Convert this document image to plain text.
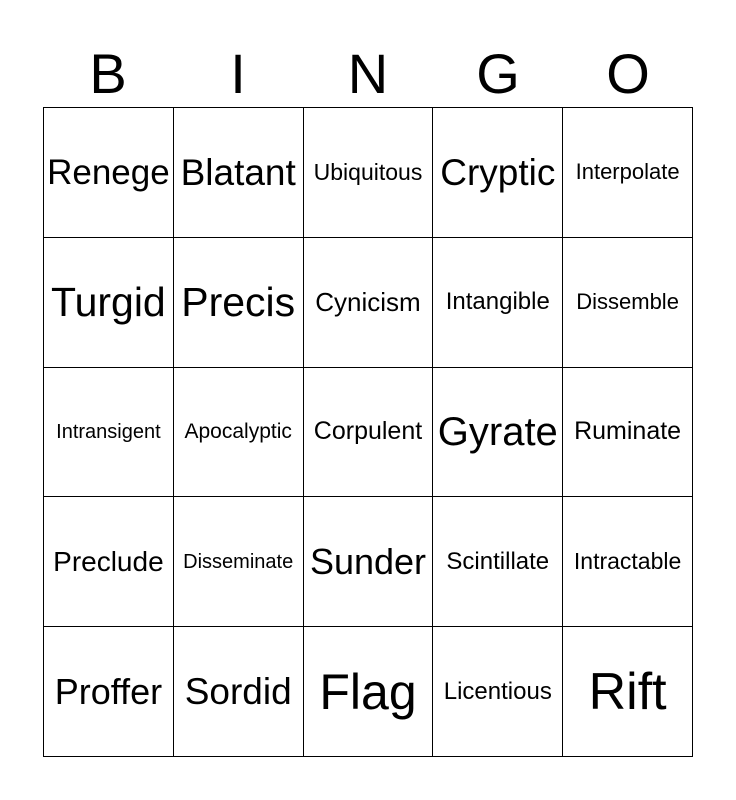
B	I	N	G	O
Renege Blatant Ubiquitous Cryptic Interpolate
Turgid Precis Cynicism Intangible Dissemble
Intransigent Apocalyptic Corpulent Gyrate Ruminate
Preclude Disseminate Sunder Scintillate Intractable
Proffer Sordid Flag Licentious Rift
